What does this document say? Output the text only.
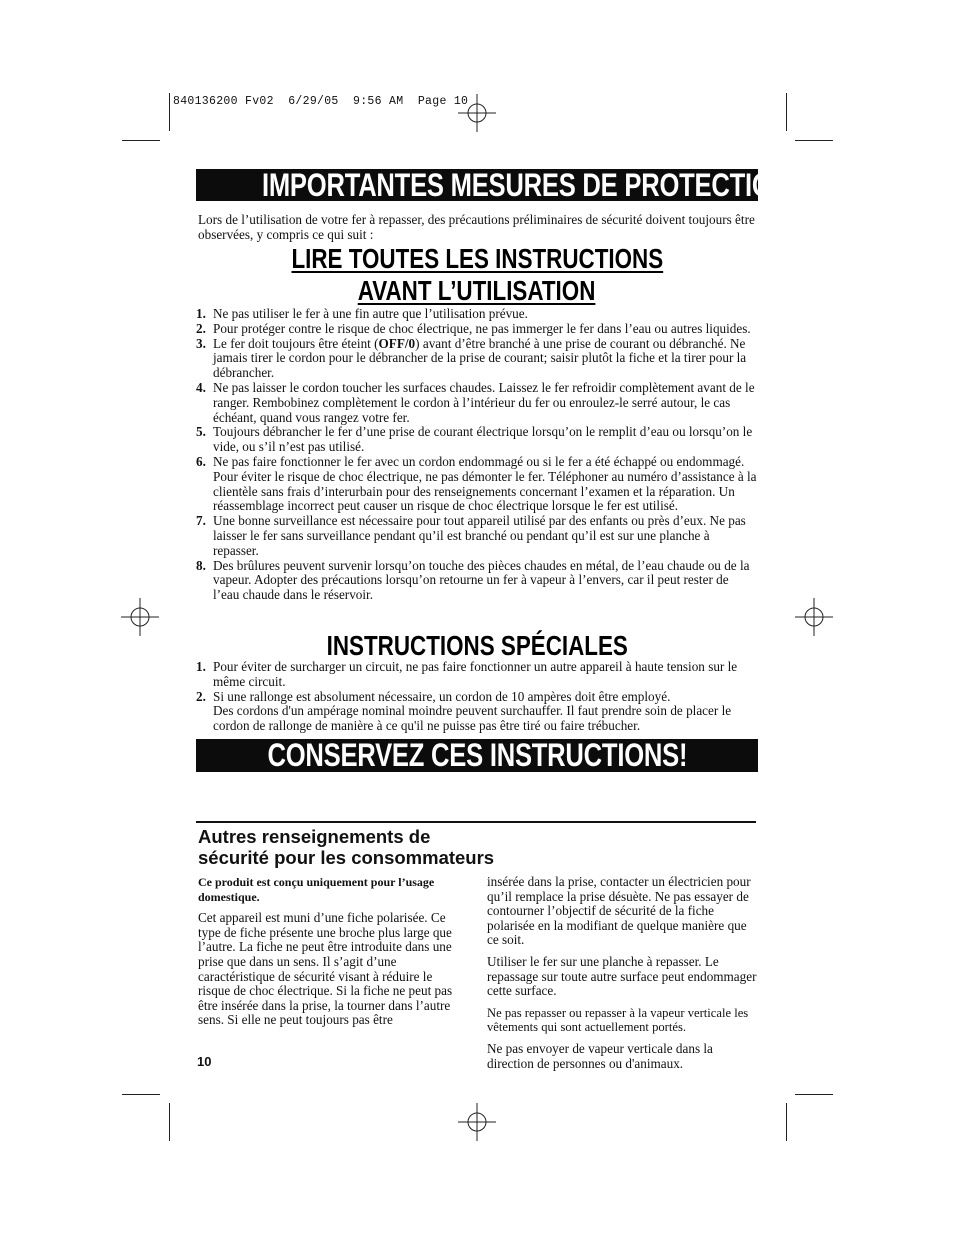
840136200 Fv02  6/29/05  9:56 AM  Page 10
IMPORTANTES MESURES DE PROTECTION
Lors de l’utilisation de votre fer à repasser, des précautions préliminaires de sécurité doivent toujours être observées, y compris ce qui suit :
LIRE TOUTES LES INSTRUCTIONS
AVANT L’UTILISATION
1. Ne pas utiliser le fer à une fin autre que l’utilisation prévue.
2. Pour protéger contre le risque de choc électrique, ne pas immerger le fer dans l’eau ou autres liquides.
3. Le fer doit toujours être éteint (OFF/0) avant d’être branché à une prise de courant ou débranché. Ne jamais tirer le cordon pour le débrancher de la prise de courant; saisir plutôt la fiche et la tirer pour la débrancher.
4. Ne pas laisser le cordon toucher les surfaces chaudes. Laissez le fer refroidir complètement avant de le ranger. Rembobinez complètement le cordon à l’intérieur du fer ou enroulez-le serré autour, le cas échéant, quand vous rangez votre fer.
5. Toujours débrancher le fer d’une prise de courant électrique lorsqu’on le remplit d’eau ou lorsqu’on le vide, ou s’il n’est pas utilisé.
6. Ne pas faire fonctionner le fer avec un cordon endommagé ou si le fer a été échappé ou endommagé. Pour éviter le risque de choc électrique, ne pas démonter le fer. Téléphoner au numéro d’assistance à la clientèle sans frais d’interurbain pour des renseignements concernant l’examen et la réparation. Un réassemblage incorrect peut causer un risque de choc électrique lorsque le fer est utilisé.
7. Une bonne surveillance est nécessaire pour tout appareil utilisé par des enfants ou près d’eux. Ne pas laisser le fer sans surveillance pendant qu’il est branché ou pendant qu’il est sur une planche à repasser.
8. Des brûlures peuvent survenir lorsqu’on touche des pièces chaudes en métal, de l’eau chaude ou de la vapeur. Adopter des précautions lorsqu’on retourne un fer à vapeur à l’envers, car il peut rester de l’eau chaude dans le réservoir.
INSTRUCTIONS SPÉCIALES
1. Pour éviter de surcharger un circuit, ne pas faire fonctionner un autre appareil à haute tension sur le même circuit.
2. Si une rallonge est absolument nécessaire, un cordon de 10 ampères doit être employé.
Des cordons d'un ampérage nominal moindre peuvent surchauffer. Il faut prendre soin de placer le cordon de rallonge de manière à ce qu'il ne puisse pas être tiré ou faire trébucher.
CONSERVEZ CES INSTRUCTIONS!
Autres renseignements de
sécurité pour les consommateurs

Ce produit est conçu uniquement pour l’usage domestique.

Cet appareil est muni d’une fiche polarisée. Ce type de fiche présente une broche plus large que l’autre. La fiche ne peut être introduite dans une prise que dans un sens. Il s’agit d’une caractéristique de sécurité visant à réduire le risque de choc électrique. Si la fiche ne peut pas être insérée dans la prise, la tourner dans l’autre sens. Si elle ne peut toujours pas être

insérée dans la prise, contacter un électricien pour qu’il remplace la prise désuète. Ne pas essayer de contourner l’objectif de sécurité de la fiche polarisée en la modifiant de quelque manière que ce soit.

Utiliser le fer sur une planche à repasser. Le repassage sur toute autre surface peut endommager cette surface.

Ne pas repasser ou repasser à la vapeur verticale les vêtements qui sont actuellement portés.

Ne pas envoyer de vapeur verticale dans la direction de personnes ou d'animaux.

10
